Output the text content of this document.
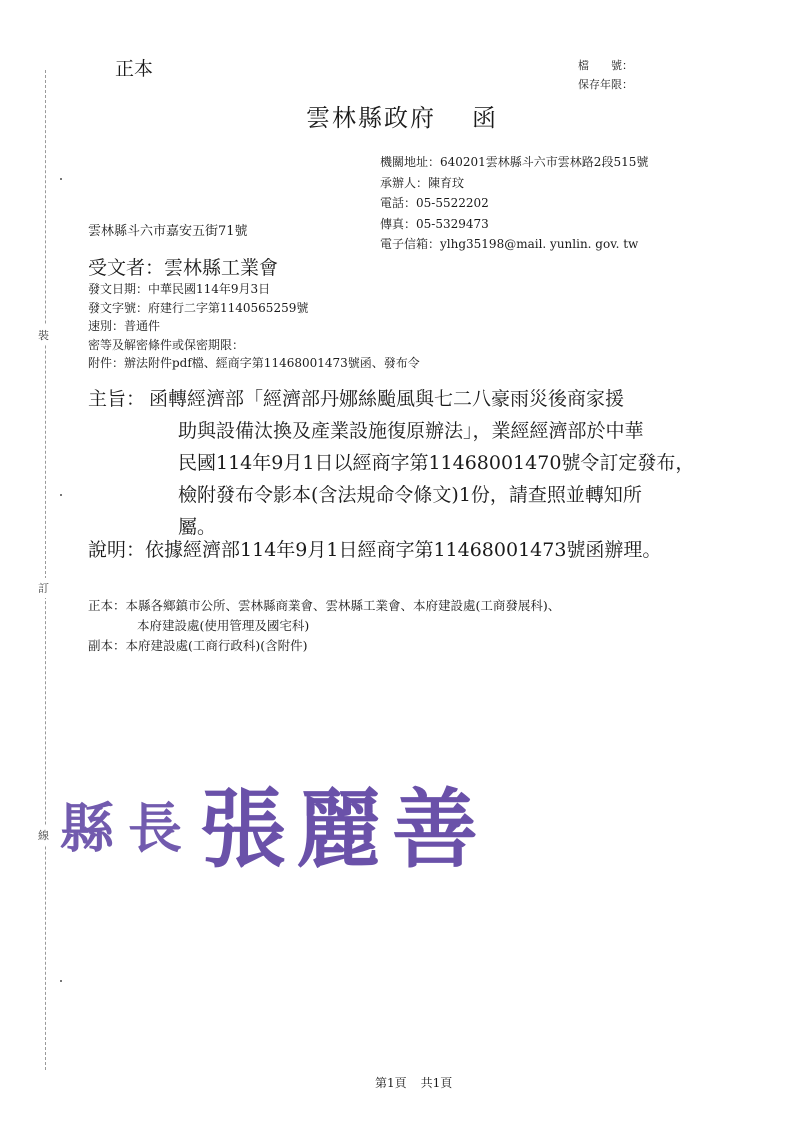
裝
訂
線
正本	檔　　號：
保存年限：
雲林縣政府 函
機關地址：640201雲林縣斗六市雲林路2段515號
承辦人：陳育玟
電話：05-5522202
傳真：05-5329473
電子信箱：ylhg35198@mail. yunlin. gov. tw
雲林縣斗六市嘉安五街71號
受文者：雲林縣工業會
發文日期：中華民國114年9月3日
發文字號：府建行二字第1140565259號
速別：普通件
密等及解密條件或保密期限：
附件：辦法附件pdf檔、經商字第11468001473號函、發布令
主旨： 函轉經濟部「經濟部丹娜絲颱風與七二八豪雨災後商家援
助與設備汰換及產業設施復原辦法」，業經經濟部於中華
民國114年9月1日以經商字第11468001470號令訂定發布，
檢附發布令影本(含法規命令條文)1份，請查照並轉知所
屬。
說明：依據經濟部114年9月1日經商字第11468001473號函辦理。
正本：本縣各鄉鎮市公所、雲林縣商業會、雲林縣工業會、本府建設處(工商發展科)、
本府建設處(使用管理及國宅科)
副本：本府建設處(工商行政科)(含附件)
縣 長 張 麗 善
第1頁 共1頁
